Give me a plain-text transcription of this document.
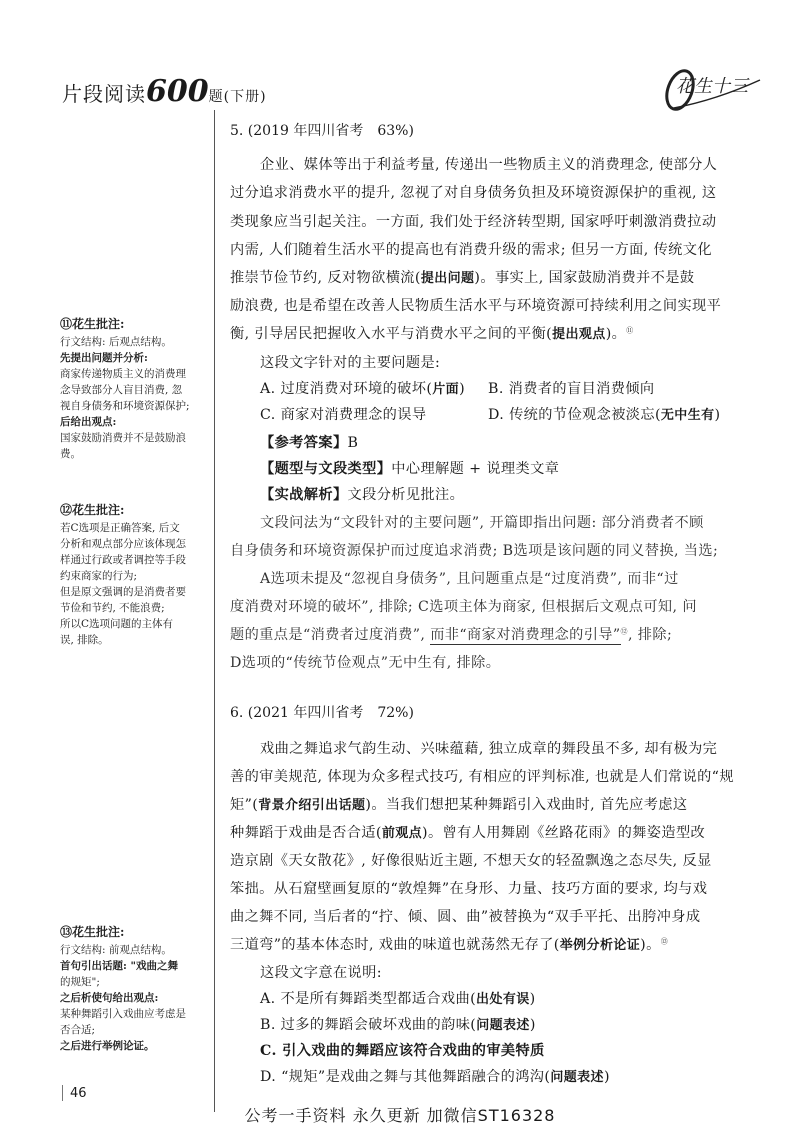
片段阅读600题(下册)	花生十三
⑪花生批注:
行文结构: 后观点结构。
先提出问题并分析:
商家传递物质主义的消费理
念导致部分人盲目消费, 忽
视自身债务和环境资源保护;
后给出观点:
国家鼓励消费并不是鼓励浪
费。
⑫花生批注:
若C选项是正确答案, 后文
分析和观点部分应该体现怎
样通过行政或者调控等手段
约束商家的行为;
但是原文强调的是消费者要
节俭和节约, 不能浪费;
所以C选项问题的主体有
误, 排除。
⑬花生批注:
行文结构: 前观点结构。
首句引出话题: "戏曲之舞
的规矩";
之后析使句给出观点:
某种舞蹈引入戏曲应考虑是
否合适;
之后进行举例论证。
5. (2019 年四川省考　63%)
企业、媒体等出于利益考量, 传递出一些物质主义的消费理念, 使部分人
过分追求消费水平的提升, 忽视了对自身债务负担及环境资源保护的重视, 这
类现象应当引起关注。一方面, 我们处于经济转型期, 国家呼吁刺激消费拉动
内需, 人们随着生活水平的提高也有消费升级的需求; 但另一方面, 传统文化
推崇节俭节约, 反对物欲横流(提出问题)。事实上, 国家鼓励消费并不是鼓
励浪费, 也是希望在改善人民物质生活水平与环境资源可持续利用之间实现平
衡, 引导居民把握收入水平与消费水平之间的平衡(提出观点)。⑪
这段文字针对的主要问题是:
A. 过度消费对环境的破坏(片面) B. 消费者的盲目消费倾向
C. 商家对消费理念的误导	D. 传统的节俭观念被淡忘(无中生有)
【参考答案】B
【题型与文段类型】中心理解题 + 说理类文章
【实战解析】文段分析见批注。
文段问法为“文段针对的主要问题”, 开篇即指出问题: 部分消费者不顾
自身债务和环境资源保护而过度追求消费; B选项是该问题的同义替换, 当选;
A选项未提及“忽视自身债务”, 且问题重点是“过度消费”, 而非“过
度消费对环境的破坏”, 排除; C选项主体为商家, 但根据后文观点可知, 问
题的重点是“消费者过度消费”, 而非“商家对消费理念的引导”⑫, 排除;
D选项的“传统节俭观点”无中生有, 排除。
6. (2021 年四川省考　72%)
戏曲之舞追求气韵生动、兴味蕴藉, 独立成章的舞段虽不多, 却有极为完
善的审美规范, 体现为众多程式技巧, 有相应的评判标准, 也就是人们常说的“规
矩”(背景介绍引出话题)。当我们想把某种舞蹈引入戏曲时, 首先应考虑这
种舞蹈于戏曲是否合适(前观点)。曾有人用舞剧《丝路花雨》的舞姿造型改
造京剧《天女散花》, 好像很贴近主题, 不想天女的轻盈飘逸之态尽失, 反显
笨拙。从石窟壁画复原的“敦煌舞”在身形、力量、技巧方面的要求, 均与戏
曲之舞不同, 当后者的“拧、倾、圆、曲”被替换为“双手平托、出胯冲身成
三道弯”的基本体态时, 戏曲的味道也就荡然无存了(举例分析论证)。⑬
这段文字意在说明:
A. 不是所有舞蹈类型都适合戏曲(出处有误)
B. 过多的舞蹈会破坏戏曲的韵味(问题表述)
C. 引入戏曲的舞蹈应该符合戏曲的审美特质
D. “规矩”是戏曲之舞与其他舞蹈融合的鸿沟(问题表述)
46
公考一手资料 永久更新 加微信ST16328
